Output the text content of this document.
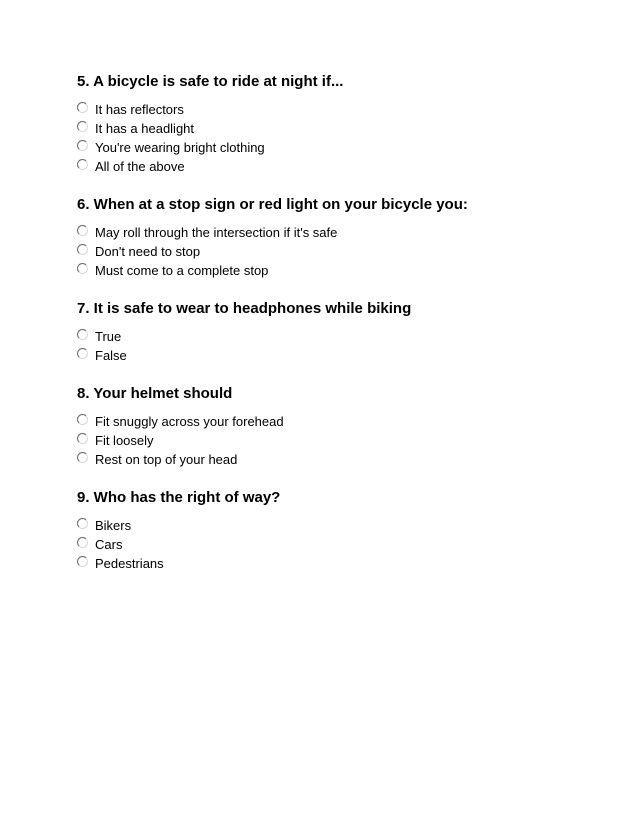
5. A bicycle is safe to ride at night if...
It has reflectors
It has a headlight
You're wearing bright clothing
All of the above
6. When at a stop sign or red light on your bicycle you:
May roll through the intersection if it's safe
Don't need to stop
Must come to a complete stop
7. It is safe to wear to headphones while biking
True
False
8. Your helmet should
Fit snuggly across your forehead
Fit loosely
Rest on top of your head
9. Who has the right of way?
Bikers
Cars
Pedestrians
